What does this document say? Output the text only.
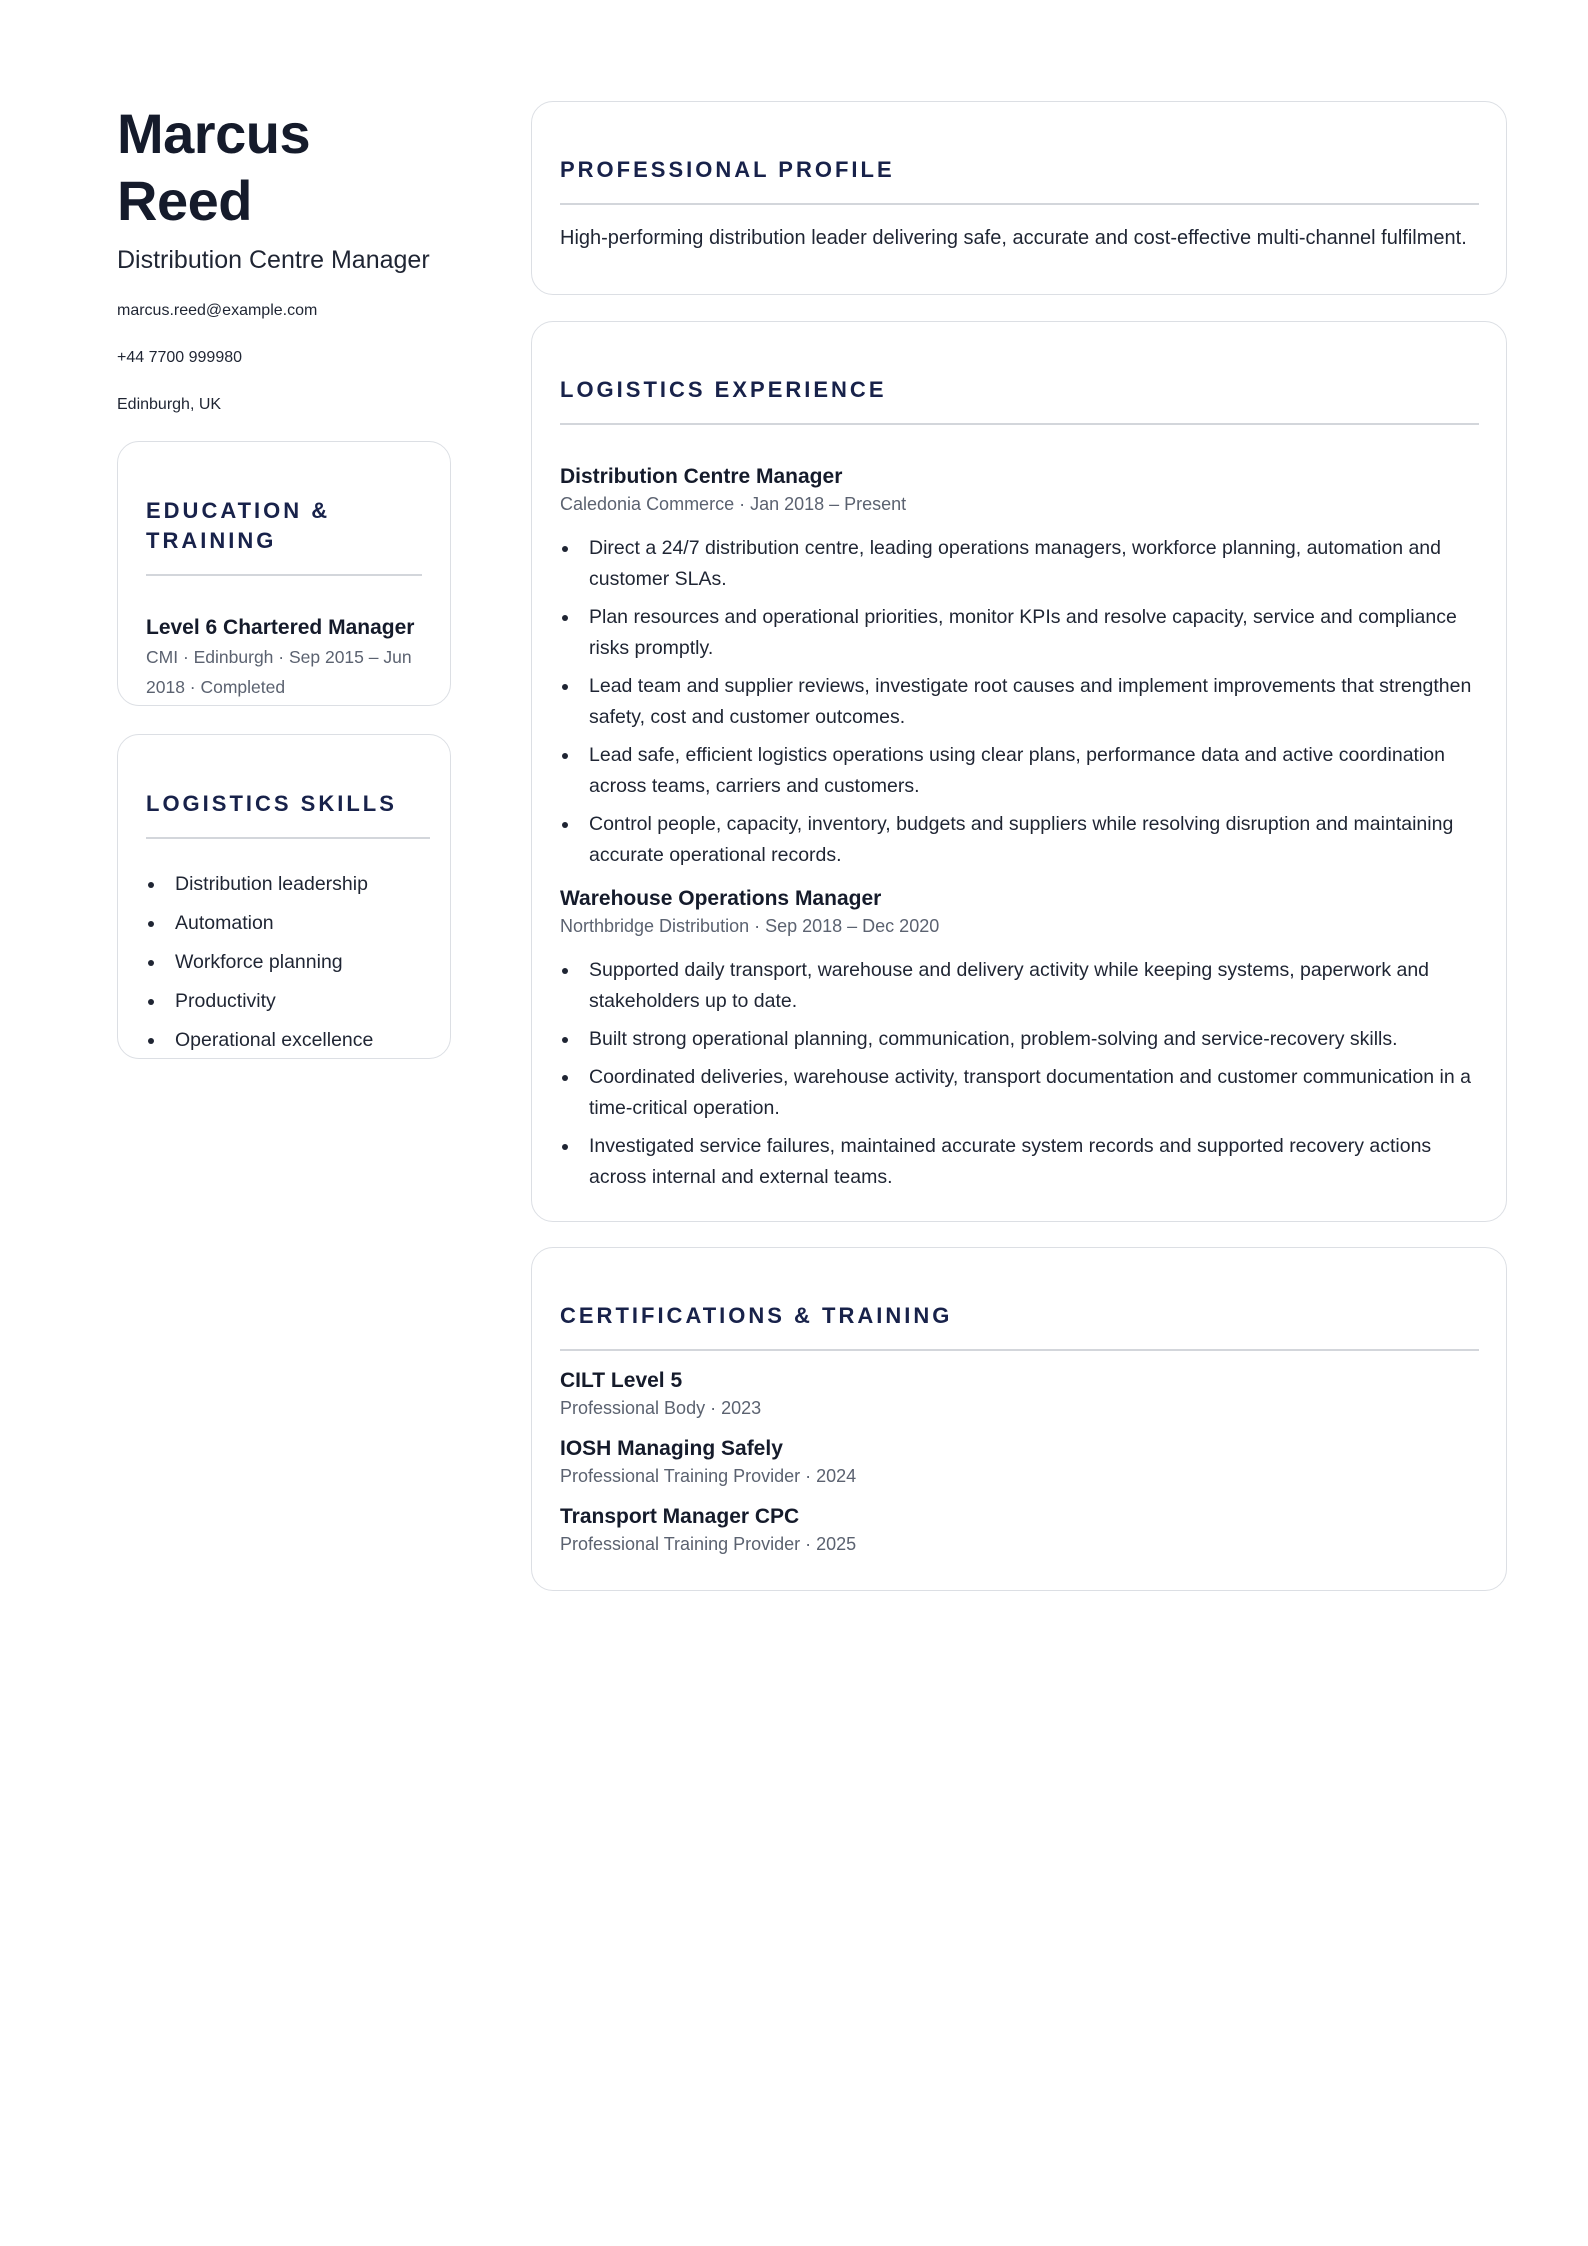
Marcus Reed
Distribution Centre Manager
marcus.reed@example.com
+44 7700 999980
Edinburgh, UK
EDUCATION & TRAINING
Level 6 Chartered Manager
CMI · Edinburgh · Sep 2015 – Jun 2018 · Completed
LOGISTICS SKILLS
Distribution leadership
Automation
Workforce planning
Productivity
Operational excellence
PROFESSIONAL PROFILE
High-performing distribution leader delivering safe, accurate and cost-effective multi-channel fulfilment.
LOGISTICS EXPERIENCE
Distribution Centre Manager
Caledonia Commerce · Jan 2018 – Present
Direct a 24/7 distribution centre, leading operations managers, workforce planning, automation and customer SLAs.
Plan resources and operational priorities, monitor KPIs and resolve capacity, service and compliance risks promptly.
Lead team and supplier reviews, investigate root causes and implement improvements that strengthen safety, cost and customer outcomes.
Lead safe, efficient logistics operations using clear plans, performance data and active coordination across teams, carriers and customers.
Control people, capacity, inventory, budgets and suppliers while resolving disruption and maintaining accurate operational records.
Warehouse Operations Manager
Northbridge Distribution · Sep 2018 – Dec 2020
Supported daily transport, warehouse and delivery activity while keeping systems, paperwork and stakeholders up to date.
Built strong operational planning, communication, problem-solving and service-recovery skills.
Coordinated deliveries, warehouse activity, transport documentation and customer communication in a time-critical operation.
Investigated service failures, maintained accurate system records and supported recovery actions across internal and external teams.
CERTIFICATIONS & TRAINING
CILT Level 5
Professional Body · 2023
IOSH Managing Safely
Professional Training Provider · 2024
Transport Manager CPC
Professional Training Provider · 2025
